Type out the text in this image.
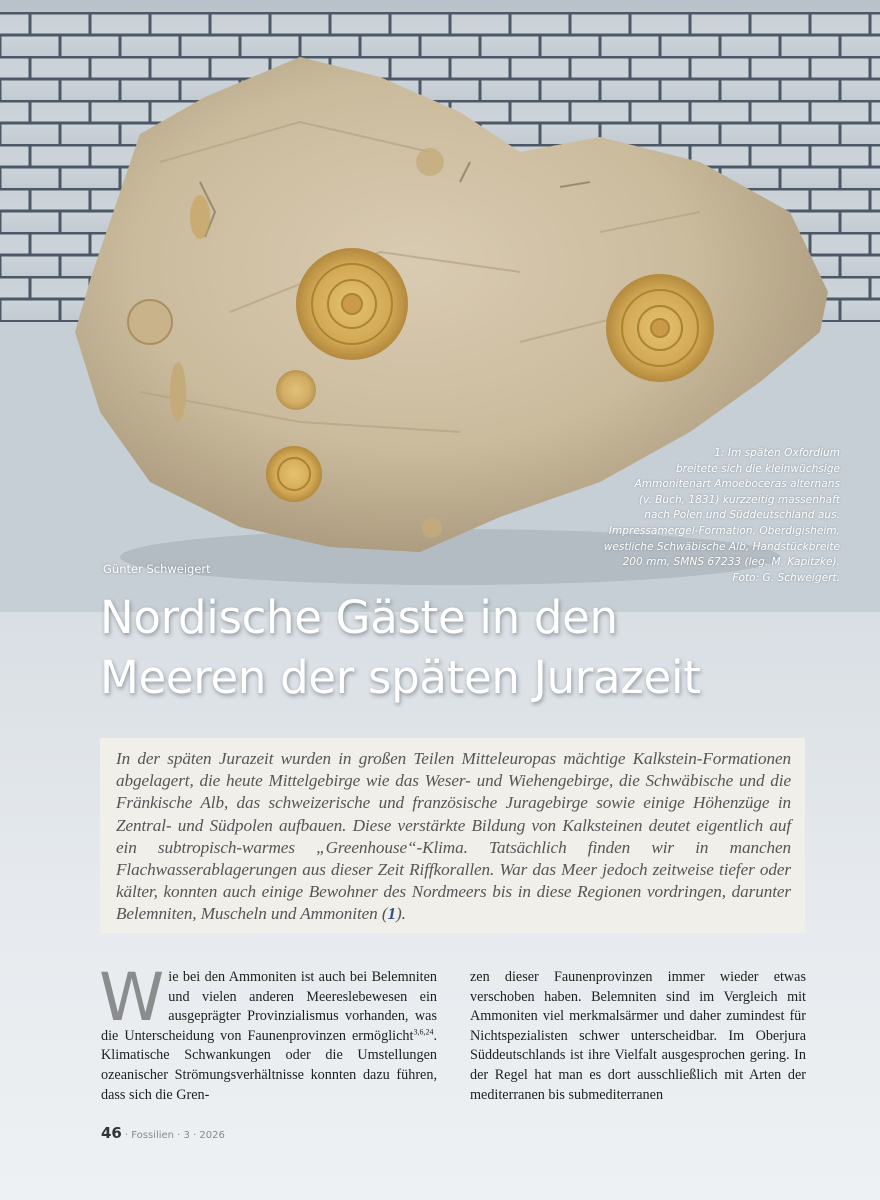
1: Im späten Oxfordium
breitete sich die kleinwüchsige
Ammonitenart Amoeboceras alternans
(v. Buch, 1831) kurzzeitig massenhaft
nach Polen und Süddeutschland aus.
Impressamergel-Formation, Oberdigisheim,
westliche Schwäbische Alb, Handstückbreite
200 mm, SMNS 67233 (leg. M. Kapitzke).
Foto: G. Schweigert.
Günter Schweigert
Nordische Gäste in den
Meeren der späten Jurazeit

In der späten Jurazeit wurden in großen Teilen Mitteleuropas mächtige Kalkstein-Formationen abgelagert, die heute Mittelgebirge wie das Weser- und Wiehengebirge, die Schwäbische und die Fränkische Alb, das schweizerische und französische Juragebirge sowie einige Höhenzüge in Zentral- und Südpolen aufbauen. Diese verstärkte Bildung von Kalksteinen deutet eigentlich auf ein subtropisch-warmes „Greenhouse“-Klima. Tatsächlich finden wir in manchen Flachwasserablagerungen aus dieser Zeit Riffkorallen. War das Meer jedoch zeitweise tiefer oder kälter, konnten auch einige Bewohner des Nordmeers bis in diese Regionen vordringen, darunter Belemniten, Muscheln und Ammoniten (1).

Wie bei den Ammoniten ist auch bei Belemniten und vielen anderen Meereslebewesen ein ausgeprägter Provinzialismus vorhanden, was die Unterscheidung von Faunenprovinzen ermöglicht$^{3,6,24}$. Klimatische Schwankungen oder die Umstellungen ozeanischer Strömungsverhältnisse konnten dazu führen, dass sich die Gren-

zen dieser Faunenprovinzen immer wieder etwas verschoben haben. Belemniten sind im Vergleich mit Ammoniten viel merkmalsärmer und daher zumindest für Nichtspezialisten schwer unterscheidbar. Im Oberjura Süddeutschlands ist ihre Vielfalt ausgesprochen gering. In der Regel hat man es dort ausschließlich mit Arten der mediterranen bis submediterranen

46 · Fossilien · 3 · 2026
